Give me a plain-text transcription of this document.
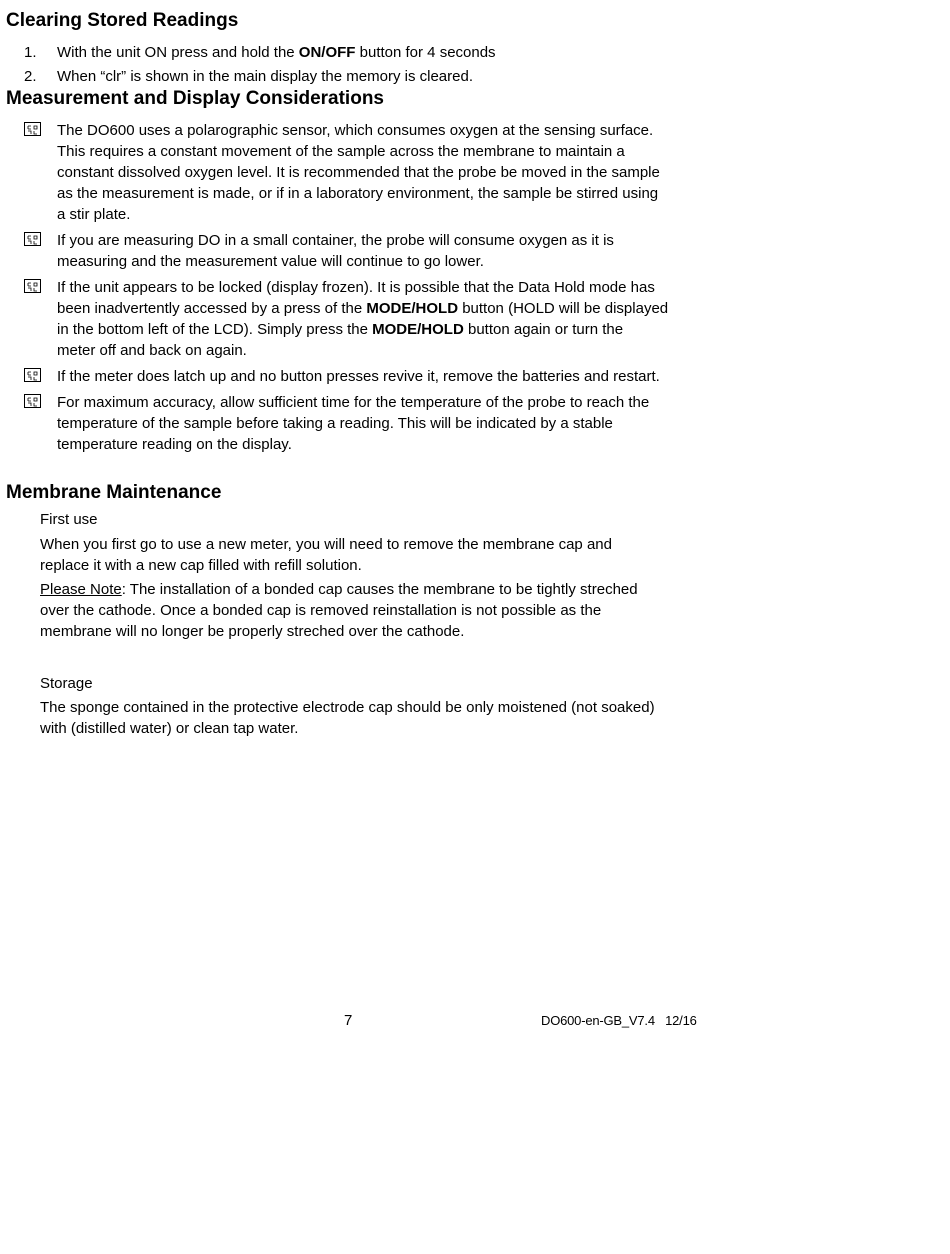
Clearing Stored Readings
1. With the unit ON press and hold the ON/OFF button for 4 seconds
2. When “clr” is shown in the main display the memory is cleared.
Measurement and Display Considerations
The DO600 uses a polarographic sensor, which consumes oxygen at the sensing surface.
This requires a constant movement of the sample across the membrane to maintain a
constant dissolved oxygen level. It is recommended that the probe be moved in the sample
as the measurement is made, or if in a laboratory environment, the sample be stirred using
a stir plate.
If you are measuring DO in a small container, the probe will consume oxygen as it is
measuring and the measurement value will continue to go lower.
If the unit appears to be locked (display frozen). It is possible that the Data Hold mode has
been inadvertently accessed by a press of the MODE/HOLD button (HOLD will be displayed
in the bottom left of the LCD). Simply press the MODE/HOLD button again or turn the
meter off and back on again.
If the meter does latch up and no button presses revive it, remove the batteries and restart.
For maximum accuracy, allow sufficient time for the temperature of the probe to reach the
temperature of the sample before taking a reading. This will be indicated by a stable
temperature reading on the display.
Membrane Maintenance
First use
When you first go to use a new meter, you will need to remove the membrane cap and
replace it with a new cap filled with refill solution.
Please Note: The installation of a bonded cap causes the membrane to be tightly streched
over the cathode. Once a bonded cap is removed reinstallation is not possible as the
membrane will no longer be properly streched over the cathode.
Storage
The sponge contained in the protective electrode cap should be only moistened (not soaked)
with (distilled water) or clean tap water.
7	DO600-en-GB_V7.4   12/16
